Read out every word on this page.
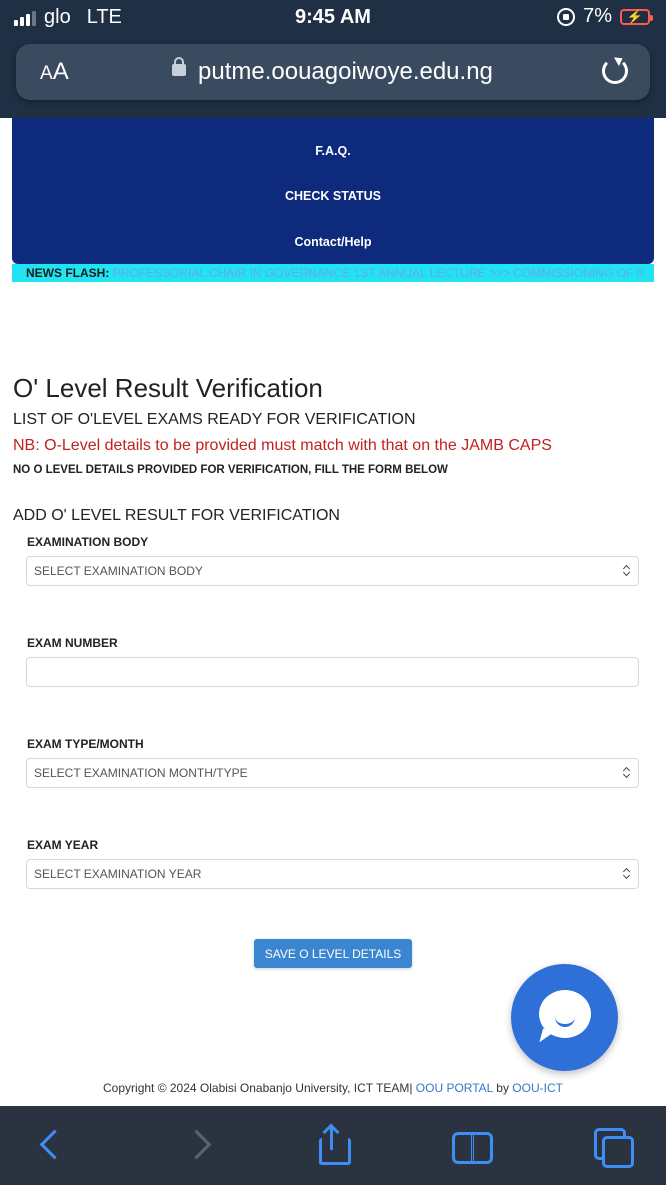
glo LTE	9:45 AM	7% ⚡
AA	putme.oouagoiwoye.edu.ng
F.A.Q.
CHECK STATUS
Contact/Help
NEWS FLASH: PROFESSORIAL CHAIR IN GOVERNANCE 1ST ANNUAL LECTURE >>> COMMISSIONING OF II
O' Level Result Verification
LIST OF O'LEVEL EXAMS READY FOR VERIFICATION
NB: O-Level details to be provided must match with that on the JAMB CAPS
NO O LEVEL DETAILS PROVIDED FOR VERIFICATION, FILL THE FORM BELOW
ADD O' LEVEL RESULT FOR VERIFICATION
EXAMINATION BODY
SELECT EXAMINATION BODY
EXAM NUMBER
EXAM TYPE/MONTH
SELECT EXAMINATION MONTH/TYPE
EXAM YEAR
SELECT EXAMINATION YEAR
SAVE O LEVEL DETAILS
Copyright © 2024 Olabisi Onabanjo University, ICT TEAM| OOU PORTAL by OOU-ICT
